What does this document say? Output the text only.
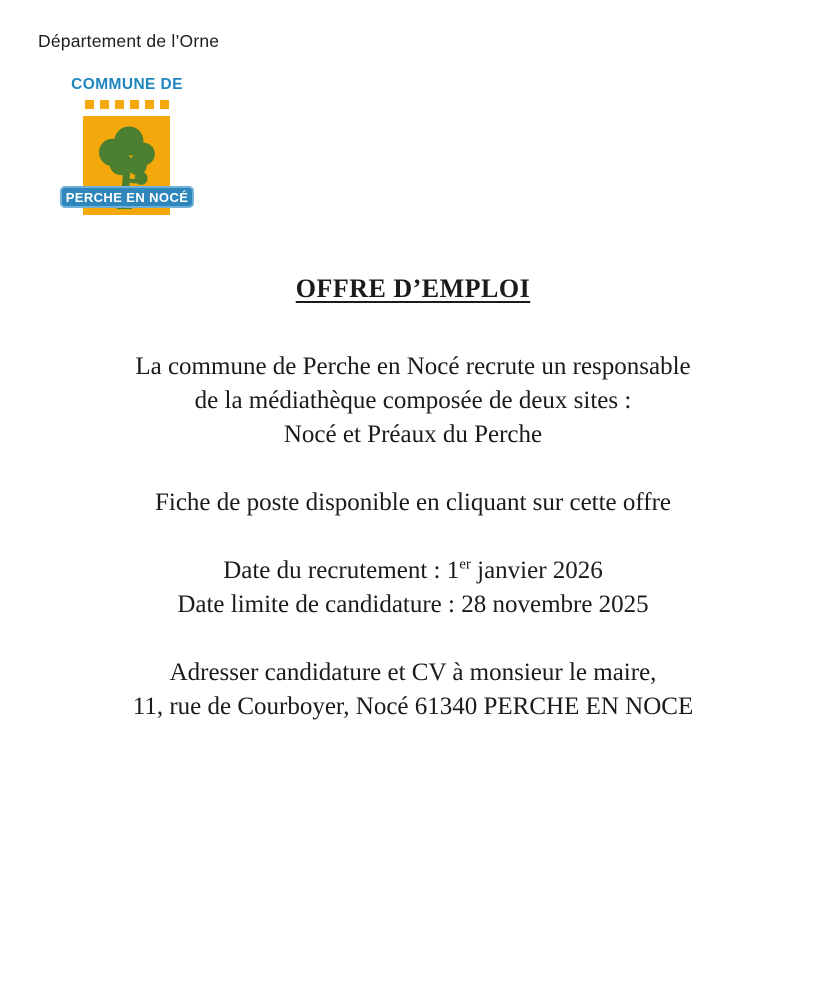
Département de l’Orne
COMMUNE DE
PERCHE EN NOCÉ
OFFRE D’EMPLOI

La commune de Perche en Nocé recrute un responsable
de la médiathèque composée de deux sites :
Nocé et Préaux du Perche

Fiche de poste disponible en cliquant sur cette offre

Date du recrutement : 1er janvier 2026
Date limite de candidature : 28 novembre 2025

Adresser candidature et CV à monsieur le maire,
11, rue de Courboyer, Nocé 61340 PERCHE EN NOCE
